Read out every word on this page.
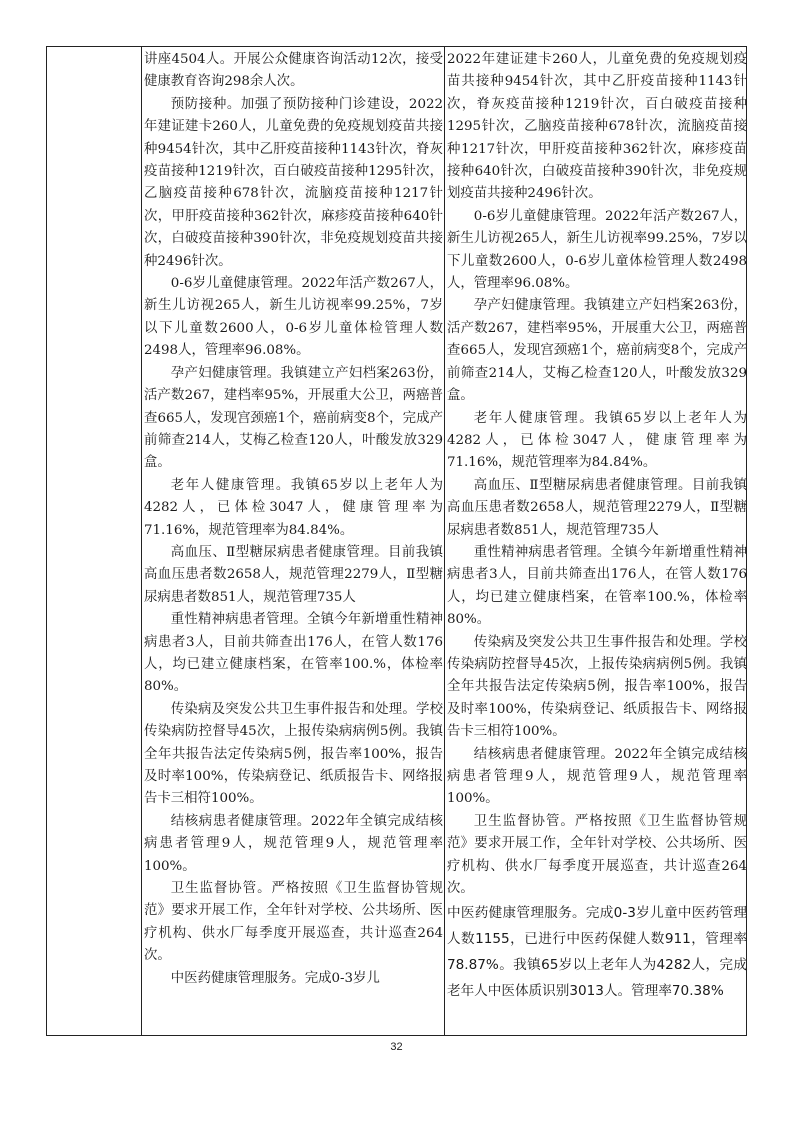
讲座4504人。开展公众健康咨询活动12次，接受健康教育咨询298余人次。

预防接种。加强了预防接种门诊建设，2022年建证建卡260人，儿童免费的免疫规划疫苗共接种9454针次，其中乙肝疫苗接种1143针次，脊灰疫苗接种1219针次，百白破疫苗接种1295针次，乙脑疫苗接种678针次，流脑疫苗接种1217针次，甲肝疫苗接种362针次，麻疹疫苗接种640针次，白破疫苗接种390针次，非免疫规划疫苗共接种2496针次。

0-6岁儿童健康管理。2022年活产数267人，新生儿访视265人，新生儿访视率99.25%，7岁以下儿童数2600人，0-6岁儿童体检管理人数2498人，管理率96.08%。

孕产妇健康管理。我镇建立产妇档案263份，活产数267，建档率95%，开展重大公卫，两癌普查665人，发现宫颈癌1个，癌前病变8个，完成产前筛查214人，艾梅乙检查120人，叶酸发放329盒。

老年人健康管理。我镇65岁以上老年人为4282人，已体检3047人，健康管理率为71.16%，规范管理率为84.84%。

高血压、Ⅱ型糖尿病患者健康管理。目前我镇高血压患者数2658人，规范管理2279人，Ⅱ型糖尿病患者数851人，规范管理735人

重性精神病患者管理。全镇今年新增重性精神病患者3人，目前共筛查出176人，在管人数176人，均已建立健康档案，在管率100.%，体检率80%。

传染病及突发公共卫生事件报告和处理。学校传染病防控督导45次，上报传染病病例5例。我镇全年共报告法定传染病5例，报告率100%，报告及时率100%，传染病登记、纸质报告卡、网络报告卡三相符100%。

结核病患者健康管理。2022年全镇完成结核病患者管理9人，规范管理9人，规范管理率100%。

卫生监督协管。严格按照《卫生监督协管规范》要求开展工作，全年针对学校、公共场所、医疗机构、供水厂每季度开展巡查，共计巡查264次。

中医药健康管理服务。完成0-3岁儿

2022年建证建卡260人，儿童免费的免疫规划疫苗共接种9454针次，其中乙肝疫苗接种1143针次，脊灰疫苗接种1219针次，百白破疫苗接种1295针次，乙脑疫苗接种678针次，流脑疫苗接种1217针次，甲肝疫苗接种362针次，麻疹疫苗接种640针次，白破疫苗接种390针次，非免疫规划疫苗共接种2496针次。

0-6岁儿童健康管理。2022年活产数267人，新生儿访视265人，新生儿访视率99.25%，7岁以下儿童数2600人，0-6岁儿童体检管理人数2498人，管理率96.08%。

孕产妇健康管理。我镇建立产妇档案263份，活产数267，建档率95%，开展重大公卫，两癌普查665人，发现宫颈癌1个，癌前病变8个，完成产前筛查214人，艾梅乙检查120人，叶酸发放329盒。

老年人健康管理。我镇65岁以上老年人为4282人，已体检3047人，健康管理率为71.16%，规范管理率为84.84%。

高血压、Ⅱ型糖尿病患者健康管理。目前我镇高血压患者数2658人，规范管理2279人，Ⅱ型糖尿病患者数851人，规范管理735人

重性精神病患者管理。全镇今年新增重性精神病患者3人，目前共筛查出176人，在管人数176人，均已建立健康档案，在管率100.%，体检率80%。

传染病及突发公共卫生事件报告和处理。学校传染病防控督导45次，上报传染病病例5例。我镇全年共报告法定传染病5例，报告率100%，报告及时率100%，传染病登记、纸质报告卡、网络报告卡三相符100%。

结核病患者健康管理。2022年全镇完成结核病患者管理9人，规范管理9人，规范管理率100%。

卫生监督协管。严格按照《卫生监督协管规范》要求开展工作，全年针对学校、公共场所、医疗机构、供水厂每季度开展巡查，共计巡查264次。

中医药健康管理服务。完成0-3岁儿童中医药管理人数1155，已进行中医药保健人数911，管理率78.87%。我镇65岁以上老年人为4282人，完成老年人中医体质识别3013人。管理率70.38%

32
